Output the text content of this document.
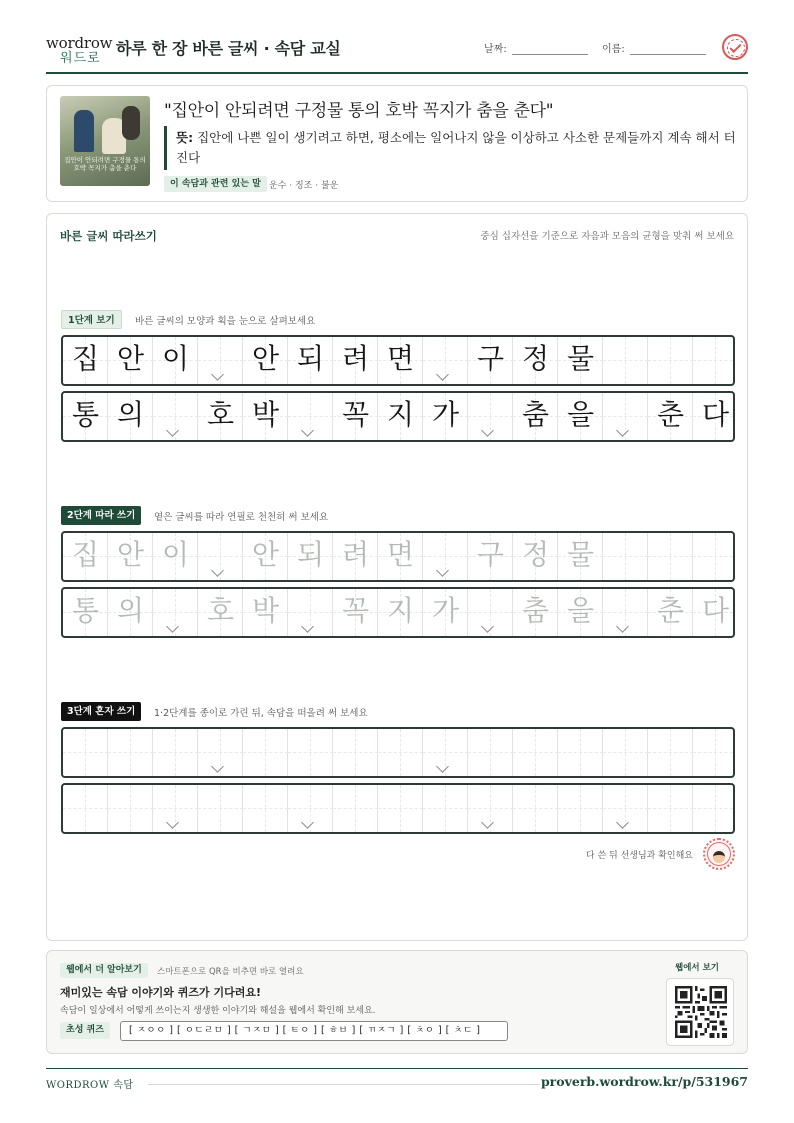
wordrow
워드로
하루 한 장 바른 글씨 · 속담 교실	날짜:	이름:
집안이 안되려면 구정물 통의 호박 꼭지가 춤을 춘다
"집안이 안되려면 구정물 통의 호박 꼭지가 춤을 춘다"
뜻: 집안에 나쁜 일이 생기려고 하면, 평소에는 일어나지 않을 이상하고 사소한 문제들까지 계속 해서 터진다
이 속담과 관련 있는 말 운수 · 징조 · 불운
바른 글씨 따라쓰기	중심 십자선을 기준으로 자음과 모음의 균형을 맞춰 써 보세요
1단계 보기	바른 글씨의 모양과 획을 눈으로 살펴보세요
집 안 이	안 되 려 면	구 정 물
통 의	호 박	꼭 지 가	춤 을	춘 다
2단계 따라 쓰기	옅은 글씨를 따라 연필로 천천히 써 보세요
집 안 이	안 되 려 면	구 정 물
통 의	호 박	꼭 지 가	춤 을	춘 다
3단계 혼자 쓰기	1·2단계를 종이로 가린 뒤, 속담을 떠올려 써 보세요
다 쓴 뒤 선생님과 확인해요
웹에서 더 알아보기	스마트폰으로 QR을 비추면 바로 열려요
재미있는 속담 이야기와 퀴즈가 기다려요!
속담이 일상에서 어떻게 쓰이는지 생생한 이야기와 해설을 웹에서 확인해 보세요.
초성 퀴즈	[ ㅈㅇㅇ ] [ ㅇㄷㄹㅁ ] [ ㄱㅈㅁ ] [ ㅌㅇ ] [ ㅎㅂ ] [ ㄲㅈㄱ ] [ ㅊㅇ ] [ ㅊㄷ ]
웹에서 보기
WORDROW 속담	proverb.wordrow.kr/p/531967
